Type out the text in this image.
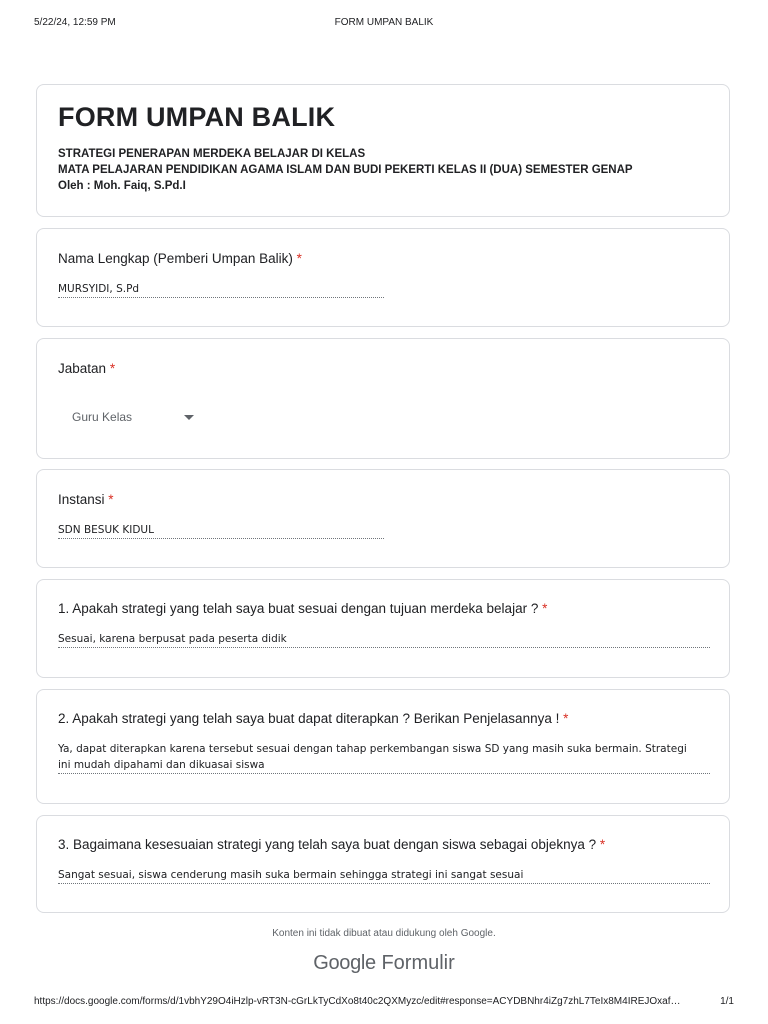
5/22/24, 12:59 PM	FORM UMPAN BALIK
FORM UMPAN BALIK
STRATEGI PENERAPAN MERDEKA BELAJAR DI KELAS
MATA PELAJARAN PENDIDIKAN AGAMA ISLAM DAN BUDI PEKERTI KELAS II (DUA) SEMESTER GENAP
Oleh : Moh. Faiq, S.Pd.I
Nama Lengkap (Pemberi Umpan Balik) *
MURSYIDI, S.Pd
Jabatan *
Guru Kelas
Instansi *
SDN BESUK KIDUL
1. Apakah strategi yang telah saya buat sesuai dengan tujuan merdeka belajar ? *
Sesuai, karena berpusat pada peserta didik
2. Apakah strategi yang telah saya buat dapat diterapkan ? Berikan Penjelasannya ! *
Ya, dapat diterapkan karena tersebut sesuai dengan tahap perkembangan siswa SD yang masih suka bermain. Strategi
ini mudah dipahami dan dikuasai siswa
3. Bagaimana kesesuaian strategi yang telah saya buat dengan siswa sebagai objeknya ? *
Sangat sesuai, siswa cenderung masih suka bermain sehingga strategi ini sangat sesuai
Konten ini tidak dibuat atau didukung oleh Google.
Google Formulir
https://docs.google.com/forms/d/1vbhY29O4iHzlp-vRT3N-cGrLkTyCdXo8t40c2QXMyzc/edit#response=ACYDBNhr4iZg7zhL7TeIx8M4IREJOxaf…	1/1
